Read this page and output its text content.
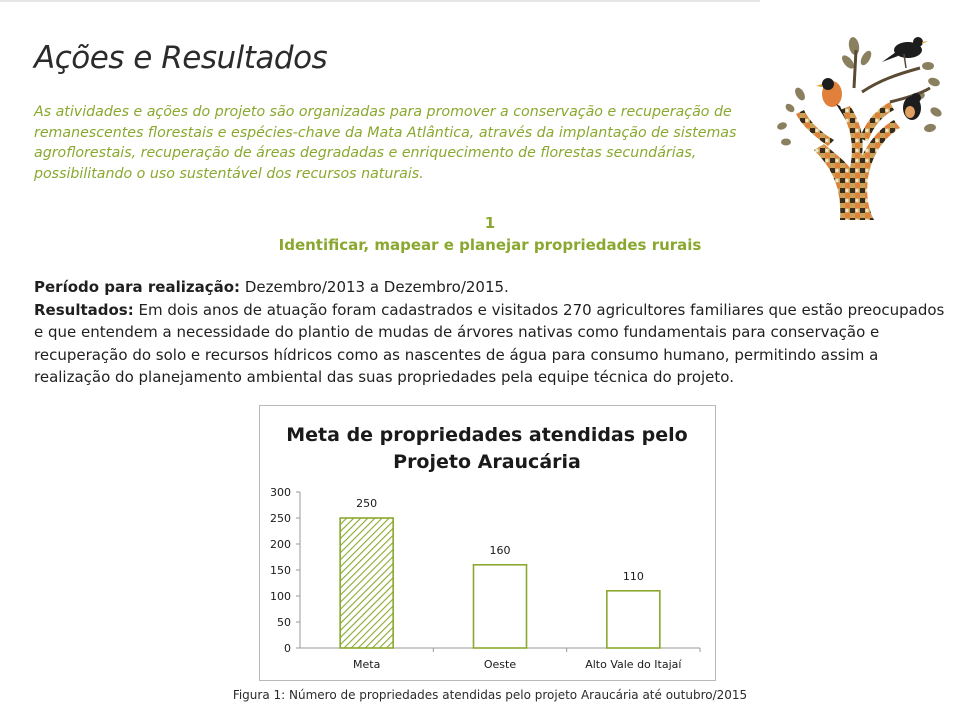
Ações e Resultados

As atividades e ações do projeto são organizadas para promover a conservação e recuperação de remanescentes florestais e espécies-chave da Mata Atlântica, através da implantação de sistemas agroflorestais, recuperação de áreas degradadas e enriquecimento de florestas secundárias, possibilitando o uso sustentável dos recursos naturais.

1
Identificar, mapear e planejar propriedades rurais

Período para realização: Dezembro/2013 a Dezembro/2015.
Resultados: Em dois anos de atuação foram cadastrados e visitados 270 agricultores familiares que estão preocupados e que entendem a necessidade do plantio de mudas de árvores nativas como fundamentais para conservação e recuperação do solo e recursos hídricos como as nascentes de água para consumo humano, permitindo assim a realização do planejamento ambiental das suas propriedades pela equipe técnica do projeto.

Meta de propriedades atendidas pelo
Projeto Araucária
0
50
100
150
200
250
300
250
Meta
160
Oeste
110
Alto Vale do Itajaí
Figura 1: Número de propriedades atendidas pelo projeto Araucária até outubro/2015
